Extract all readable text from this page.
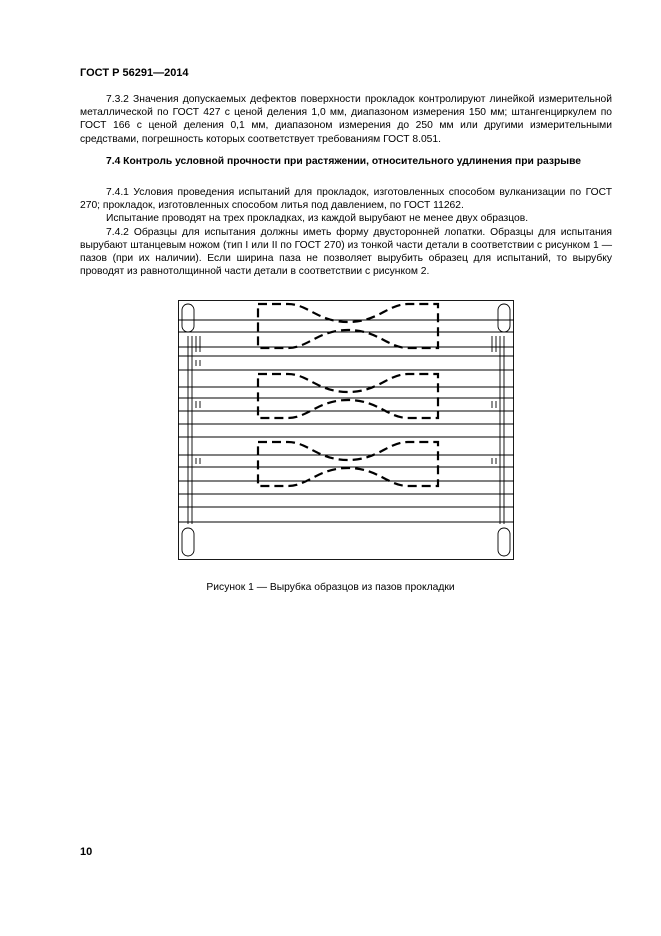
ГОСТ Р 56291—2014

7.3.2 Значения допускаемых дефектов поверхности прокладок контролируют линейкой измерительной металлической по ГОСТ 427 с ценой деления 1,0 мм, диапазоном измерения 150 мм; штангенциркулем по ГОСТ 166 с ценой деления 0,1 мм, диапазоном измерения до 250 мм или другими измерительными средствами, погрешность которых соответствует требованиям ГОСТ 8.051.

7.4 Контроль условной прочности при растяжении, относительного удлинения при разрыве

7.4.1 Условия проведения испытаний для прокладок, изготовленных способом вулканизации по ГОСТ 270; прокладок, изготовленных способом литья под давлением, по ГОСТ 11262.

Испытание проводят на трех прокладках, из каждой вырубают не менее двух образцов.

7.4.2 Образцы для испытания должны иметь форму двусторонней лопатки. Образцы для испытания вырубают штанцевым ножом (тип I или II по ГОСТ 270) из тонкой части детали в соответствии с рисунком 1 — пазов (при их наличии). Если ширина паза не позволяет вырубить образец для испытаний, то вырубку проводят из равнотолщинной части детали в соответствии с рисунком 2.

Рисунок 1 — Вырубка образцов из пазов прокладки
10
